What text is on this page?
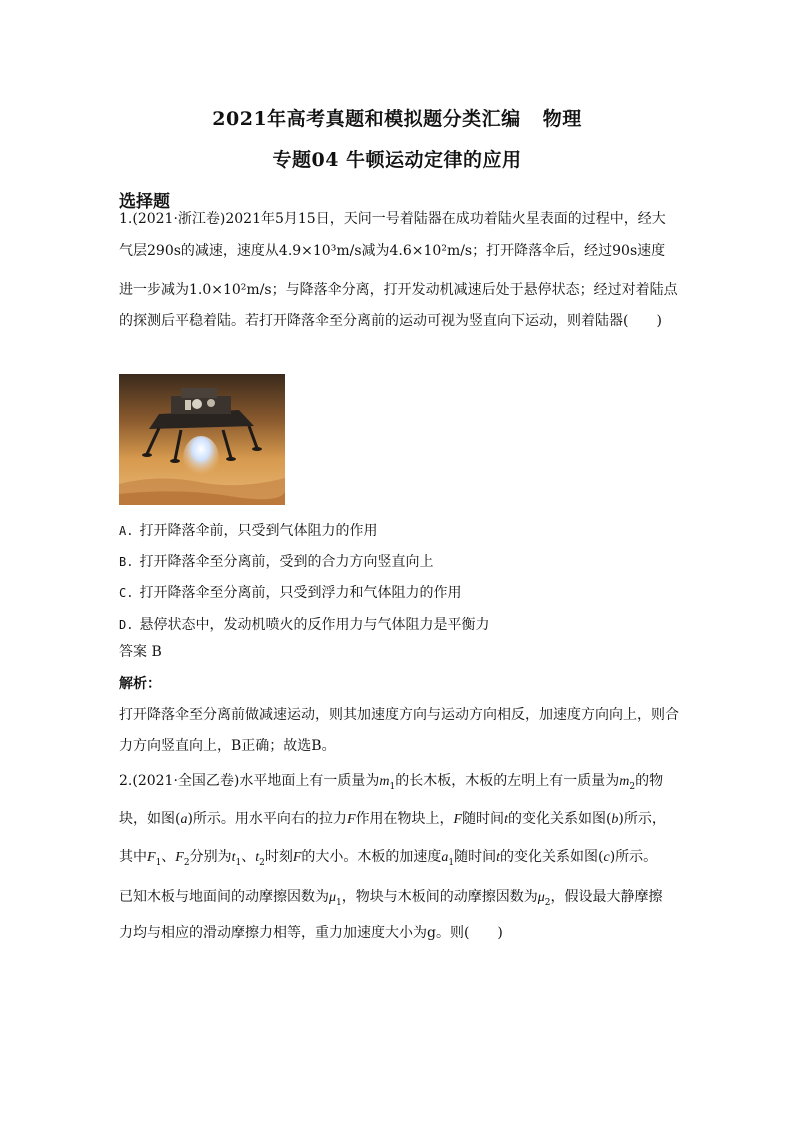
2021年高考真题和模拟题分类汇编 物理
专题04 牛顿运动定律的应用
选择题
1.(2021·浙江卷)2021年5月15日，天问一号着陆器在成功着陆火星表面的过程中，经大
气层290s的减速，速度从4.9×10³m/s减为4.6×10²m/s；打开降落伞后，经过90s速度
进一步减为1.0×10²m/s；与降落伞分离，打开发动机减速后处于悬停状态；经过对着陆点
的探测后平稳着陆。若打开降落伞至分离前的运动可视为竖直向下运动，则着陆器(　　)
A. 打开降落伞前，只受到气体阻力的作用
B. 打开降落伞至分离前，受到的合力方向竖直向上
C. 打开降落伞至分离前，只受到浮力和气体阻力的作用
D. 悬停状态中，发动机喷火的反作用力与气体阻力是平衡力
答案 B
解析：
打开降落伞至分离前做减速运动，则其加速度方向与运动方向相反，加速度方向向上，则合
力方向竖直向上，B正确；故选B。
2.(2021·全国乙卷)水平地面上有一质量为$m_1$的长木板，木板的左明上有一质量为$m_2$的物
块，如图(a)所示。用水平向右的拉力F作用在物块上，F随时间t的变化关系如图(b)所示，
其中$F_1$、$F_2$分别为$t_1$、$t_2$时刻F的大小。木板的加速度$a_1$随时间t的变化关系如图(c)所示。
已知木板与地面间的动摩擦因数为$\mu_1$，物块与木板间的动摩擦因数为$\mu_2$，假设最大静摩擦
力均与相应的滑动摩擦力相等，重力加速度大小为g。则(　　)
